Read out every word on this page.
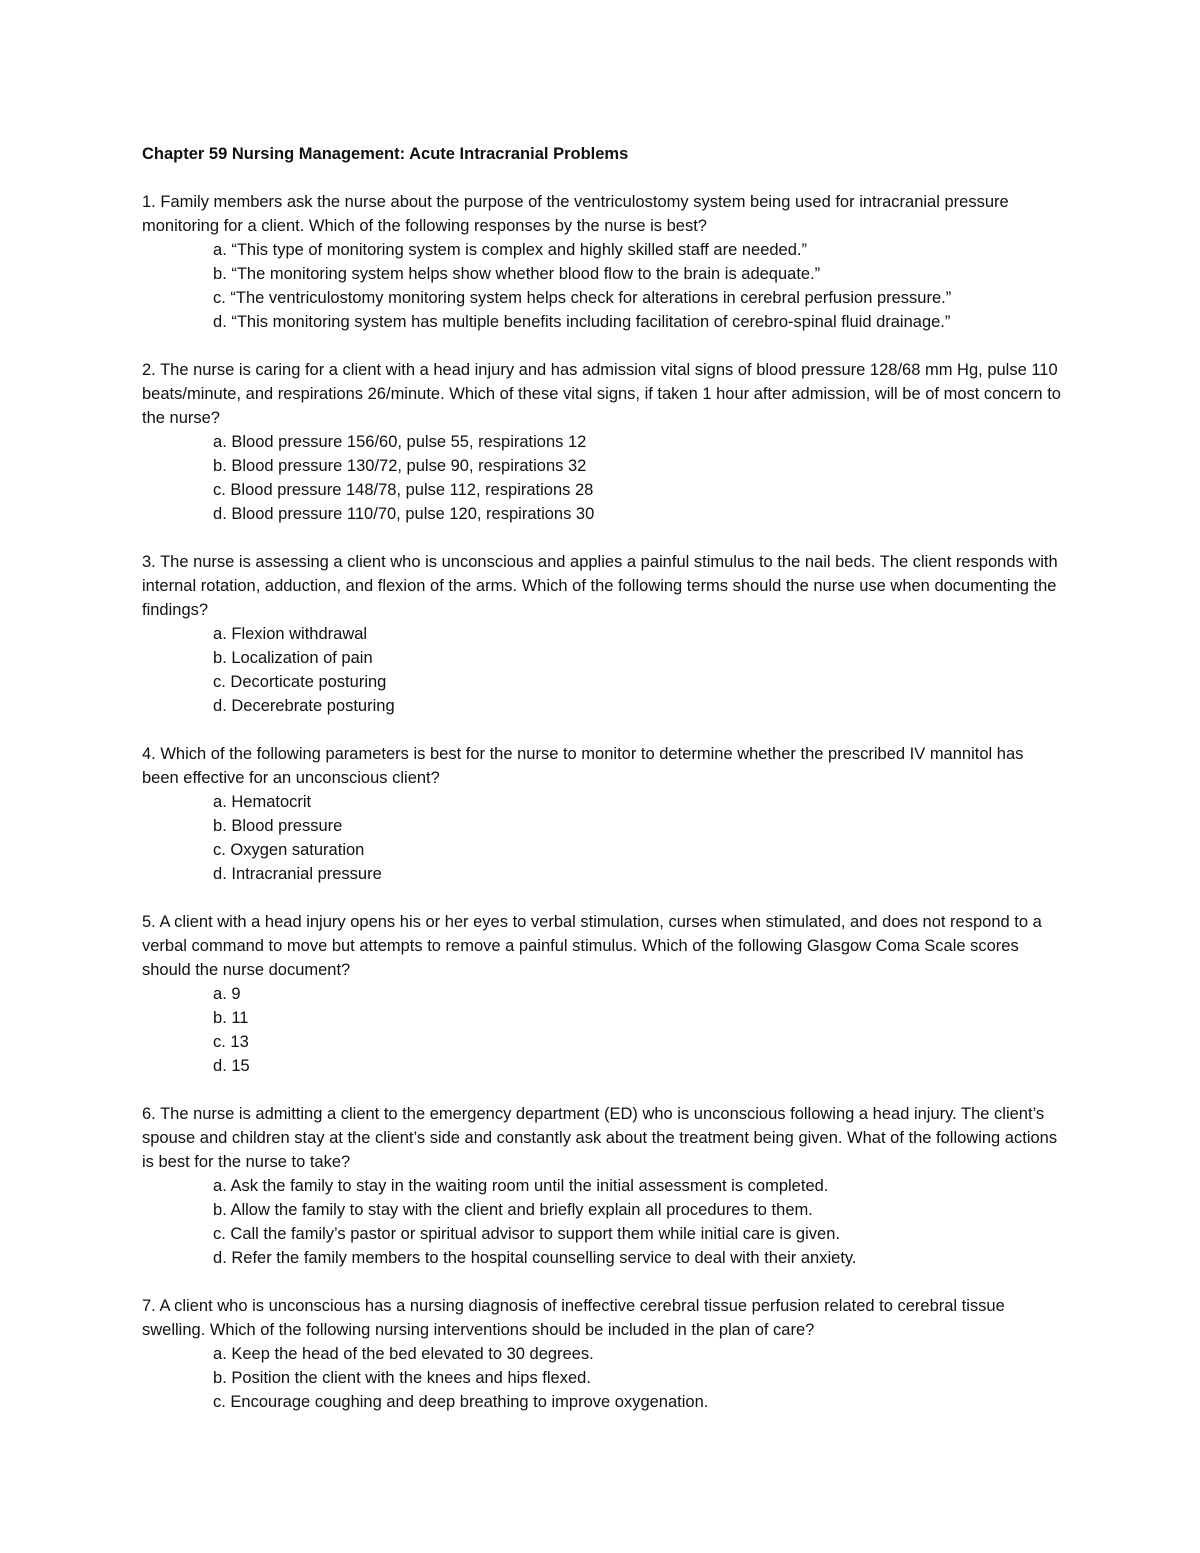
Chapter 59 Nursing Management: Acute Intracranial Problems

1. Family members ask the nurse about the purpose of the ventriculostomy system being used for intracranial pressure monitoring for a client. Which of the following responses by the nurse is best?

a . “This type of monitoring system is complex and highly skilled staff are needed.”
b . “The monitoring system helps show whether blood flow to the brain is adequate.”
c . “The ventriculostomy monitoring system helps check for alterations in cerebral perfusion pressure.”
d . “This monitoring system has multiple benefits including facilitation of cerebro-spinal fluid drainage.”

2. The nurse is caring for a client with a head injury and has admission vital signs of blood pressure 128/68 mm Hg, pulse 110 beats/minute, and respirations 26/minute. Which of these vital signs, if taken 1 hour after admission, will be of most concern to the nurse?

a . Blood pressure 156/60, pulse 55, respirations 12
b . Blood pressure 130/72, pulse 90, respirations 32
c . Blood pressure 148/78, pulse 112, respirations 28
d . Blood pressure 110/70, pulse 120, respirations 30

3. The nurse is assessing a client who is unconscious and applies a painful stimulus to the nail beds. The client responds with internal rotation, adduction, and flexion of the arms. Which of the following terms should the nurse use when documenting the findings?

a . Flexion withdrawal
b . Localization of pain
c . Decorticate posturing
d . Decerebrate posturing

4. Which of the following parameters is best for the nurse to monitor to determine whether the prescribed IV mannitol has been effective for an unconscious client?

a . Hematocrit
b . Blood pressure
c . Oxygen saturation
d . Intracranial pressure

5. A client with a head injury opens his or her eyes to verbal stimulation, curses when stimulated, and does not respond to a verbal command to move but attempts to remove a painful stimulus. Which of the following Glasgow Coma Scale scores should the nurse document?

a . 9
b . 11
c . 13
d . 15

6. The nurse is admitting a client to the emergency department (ED) who is unconscious following a head injury. The client’s spouse and children stay at the client’s side and constantly ask about the treatment being given. What of the following actions is best for the nurse to take?

a . Ask the family to stay in the waiting room until the initial assessment is completed.
b . Allow the family to stay with the client and briefly explain all procedures to them.
c . Call the family’s pastor or spiritual advisor to support them while initial care is given.
d . Refer the family members to the hospital counselling service to deal with their anxiety.

7. A client who is unconscious has a nursing diagnosis of ineffective cerebral tissue perfusion related to cerebral tissue swelling. Which of the following nursing interventions should be included in the plan of care?

a . Keep the head of the bed elevated to 30 degrees.
b . Position the client with the knees and hips flexed.
c . Encourage coughing and deep breathing to improve oxygenation.
